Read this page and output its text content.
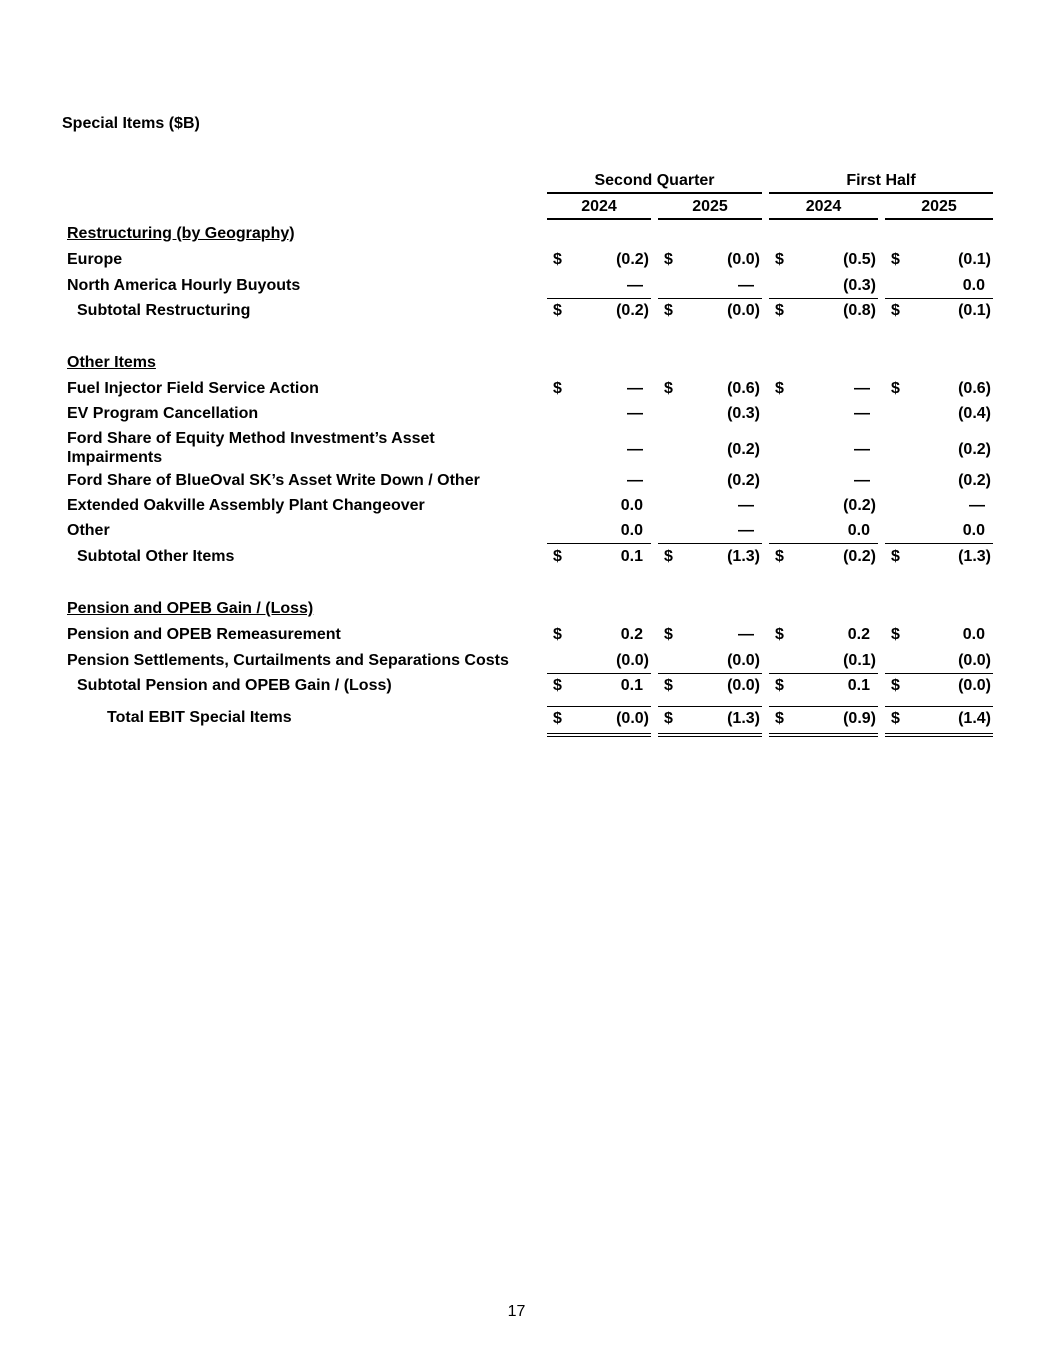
Special Items ($B)
Second Quarter	First Half
2024	2025	2024	2025
Restructuring (by Geography)
Europe	$	(0.2) $	(0.0) $	(0.5) $	(0.1)
North America Hourly Buyouts	—	—	(0.3)	0.0
Subtotal Restructuring	$	(0.2) $	(0.0) $	(0.8) $	(0.1)
Other Items
Fuel Injector Field Service Action	$	— $	(0.6) $	— $	(0.6)
EV Program Cancellation	—	(0.3)	—	(0.4)
Ford Share of Equity Method Investment’s Asset Impairments	—	(0.2)	—	(0.2)
Ford Share of BlueOval SK’s Asset Write Down / Other	—	(0.2)	—	(0.2)
Extended Oakville Assembly Plant Changeover	0.0	—	(0.2)	—
Other	0.0	—	0.0	0.0
Subtotal Other Items	$	0.1 $	(1.3) $	(0.2) $	(1.3)
Pension and OPEB Gain / (Loss)
Pension and OPEB Remeasurement	$	0.2 $	— $	0.2 $	0.0
Pension Settlements, Curtailments and Separations Costs	(0.0)	(0.0)	(0.1)	(0.0)
Subtotal Pension and OPEB Gain / (Loss)	$	0.1 $	(0.0) $	0.1 $	(0.0)
Total EBIT Special Items	$	(0.0) $	(1.3) $	(0.9) $	(1.4)
17
